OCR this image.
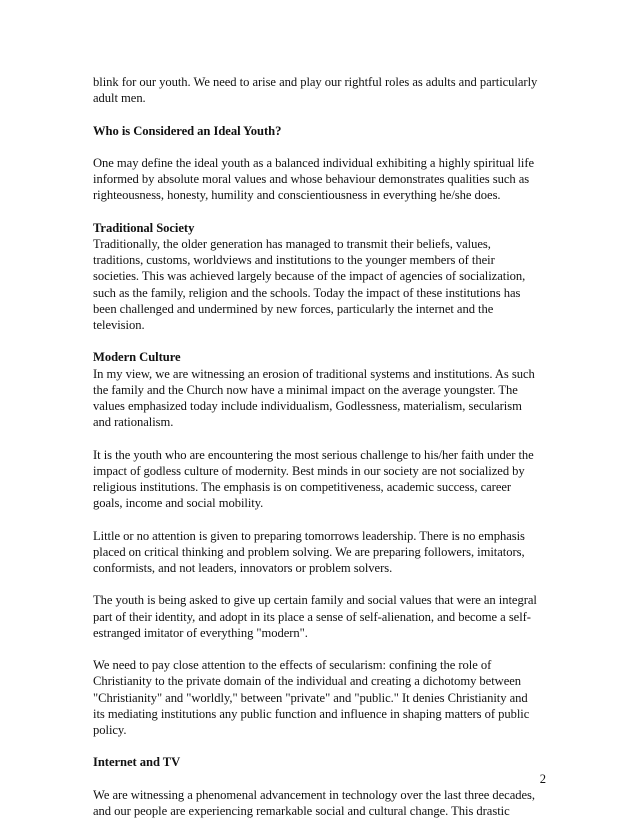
blink for our youth. We need to arise and play our rightful roles as adults and particularly
adult men.

Who is Considered an Ideal Youth?

One may define the ideal youth as a balanced individual exhibiting a highly spiritual life
informed by absolute moral values and whose behaviour demonstrates qualities such as
righteousness, honesty, humility and conscientiousness in everything he/she does.

Traditional Society
Traditionally, the older generation has managed to transmit their beliefs, values,
traditions, customs, worldviews and institutions to the younger members of their
societies. This was achieved largely because of the impact of agencies of socialization,
such as the family, religion and the schools. Today the impact of these institutions has
been challenged and undermined by new forces, particularly the internet and the
television.

Modern Culture
In my view, we are witnessing an erosion of traditional systems and institutions. As such
the family and the Church now have a minimal impact on the average youngster. The
values emphasized today include individualism, Godlessness, materialism, secularism
and rationalism.

It is the youth who are encountering the most serious challenge to his/her faith under the
impact of godless culture of modernity. Best minds in our society are not socialized by
religious institutions. The emphasis is on competitiveness, academic success, career
goals, income and social mobility.

Little or no attention is given to preparing tomorrows leadership. There is no emphasis
placed on critical thinking and problem solving. We are preparing followers, imitators,
conformists, and not leaders, innovators or problem solvers.

The youth is being asked to give up certain family and social values that were an integral
part of their identity, and adopt in its place a sense of self-alienation, and become a self-
estranged imitator of everything "modern".

We need to pay close attention to the effects of secularism: confining the role of
Christianity to the private domain of the individual and creating a dichotomy between
"Christianity" and "worldly," between "private" and "public." It denies Christianity and
its mediating institutions any public function and influence in shaping matters of public
policy.

Internet and TV

We are witnessing a phenomenal advancement in technology over the last three decades,
and our people are experiencing remarkable social and cultural change. This drastic

2
